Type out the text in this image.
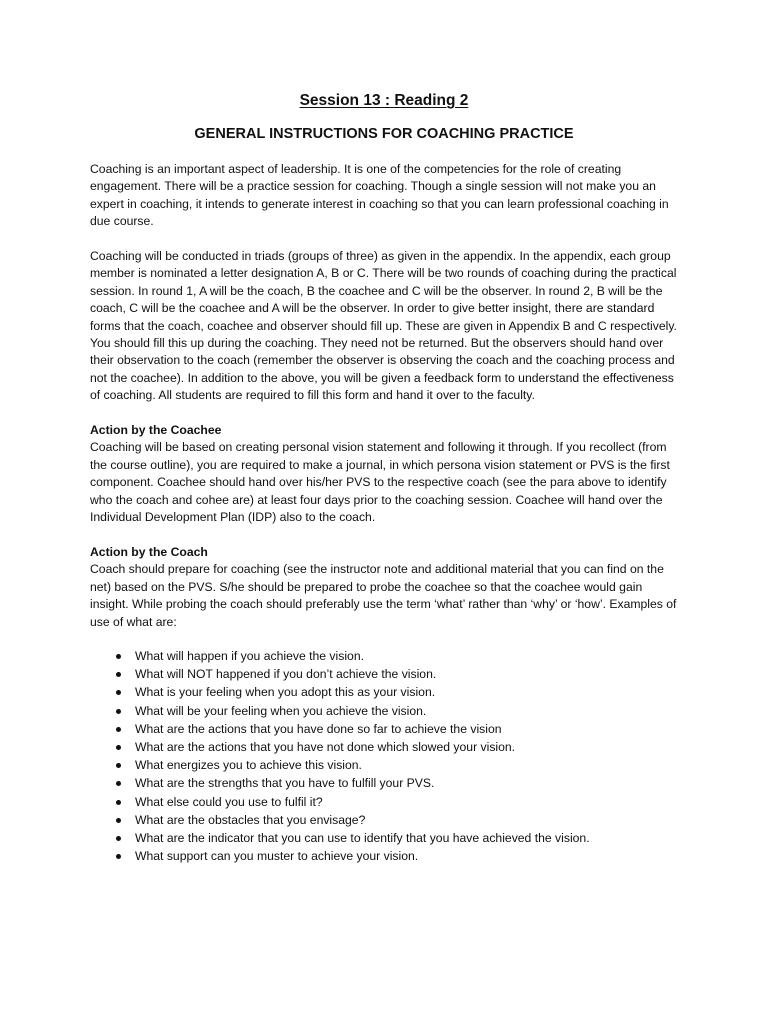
Session 13 : Reading 2
GENERAL INSTRUCTIONS FOR COACHING PRACTICE

Coaching is an important aspect of leadership. It is one of the competencies for the role of creating engagement. There will be a practice session for coaching. Though a single session will not make you an expert in coaching, it intends to generate interest in coaching so that you can learn professional coaching in due course.

Coaching will be conducted in triads (groups of three) as given in the appendix. In the appendix, each group member is nominated a letter designation A, B or C. There will be two rounds of coaching during the practical session. In round 1, A will be the coach, B the coachee and C will be the observer. In round 2, B will be the coach, C will be the coachee and A will be the observer. In order to give better insight, there are standard forms that the coach, coachee and observer should fill up. These are given in Appendix B and C respectively. You should fill this up during the coaching. They need not be returned. But the observers should hand over their observation to the coach (remember the observer is observing the coach and the coaching process and not the coachee). In addition to the above, you will be given a feedback form to understand the effectiveness of coaching. All students are required to fill this form and hand it over to the faculty.

Action by the Coachee

Coaching will be based on creating personal vision statement and following it through. If you recollect (from the course outline), you are required to make a journal, in which persona vision statement or PVS is the first component. Coachee should hand over his/her PVS to the respective coach (see the para above to identify who the coach and cohee are) at least four days prior to the coaching session. Coachee will hand over the Individual Development Plan (IDP) also to the coach.

Action by the Coach

Coach should prepare for coaching (see the instructor note and additional material that you can find on the net) based on the PVS. S/he should be prepared to probe the coachee so that the coachee would gain insight. While probing the coach should preferably use the term ‘what’ rather than ‘why’ or ‘how’. Examples of use of what are:

What will happen if you achieve the vision.
What will NOT happened if you don’t achieve the vision.
What is your feeling when you adopt this as your vision.
What will be your feeling when you achieve the vision.
What are the actions that you have done so far to achieve the vision
What are the actions that you have not done which slowed your vision.
What energizes you to achieve this vision.
What are the strengths that you have to fulfill your PVS.
What else could you use to fulfil it?
What are the obstacles that you envisage?
What are the indicator that you can use to identify that you have achieved the vision.
What support can you muster to achieve your vision.
